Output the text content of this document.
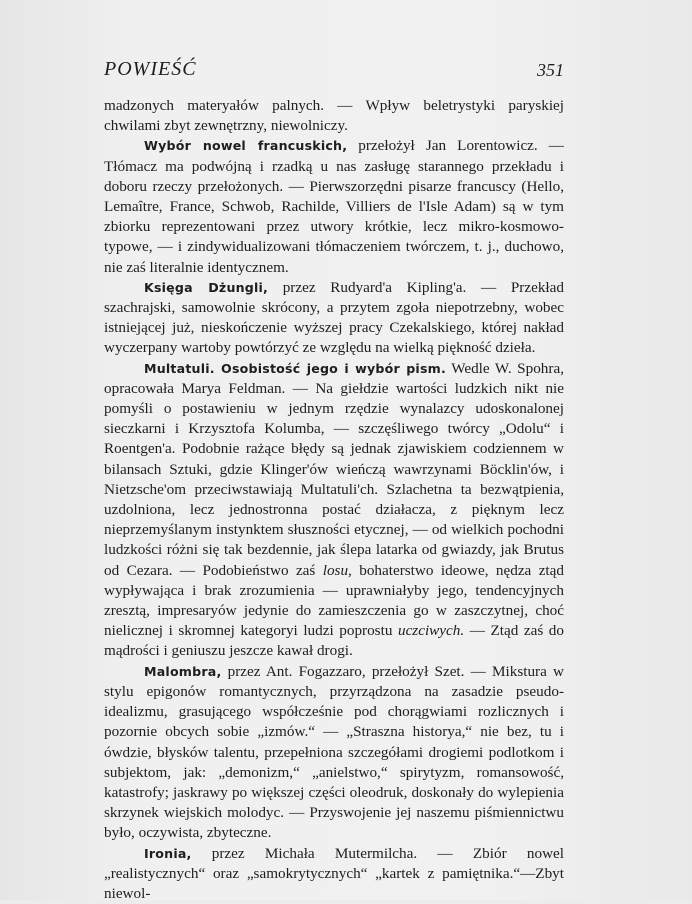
POWIEŚĆ	351

madzonych materyałów palnych. — Wpływ beletrystyki paryskiej chwilami zbyt zewnętrzny, niewolniczy.

Wybór nowel francuskich, przełożył Jan Lorentowicz. — Tłómacz ma podwójną i rzadką u nas zasługę starannego przekładu i doboru rzeczy przełożonych. — Pierwszorzędni pisarze francuscy (Hello, Lemaître, France, Schwob, Rachilde, Villiers de l'Isle Adam) są w tym zbiorku reprezentowani przez utwory krótkie, lecz mikro-kosmowo-typowe, — i zindywidualizowani tłómaczeniem twórczem, t. j., duchowo, nie zaś literalnie identycznem.

Księga Dżungli, przez Rudyard'a Kipling'a. — Przekład szachrajski, samowolnie skrócony, a przytem zgoła niepotrzebny, wobec istniejącej już, nieskończenie wyższej pracy Czekalskiego, której nakład wyczerpany wartoby powtórzyć ze względu na wielką piękność dzieła.

Multatuli. Osobistość jego i wybór pism. Wedle W. Spohra, opracowała Marya Feldman. — Na giełdzie wartości ludzkich nikt nie pomyśli o postawieniu w jednym rzędzie wynalazcy udoskonalonej sieczkarni i Krzysztofa Kolumba, — szczęśliwego twórcy „Odolu“ i Roentgen'a. Podobnie rażące błędy są jednak zjawiskiem codziennem w bilansach Sztuki, gdzie Klinger'ów wieńczą wawrzynami Böcklin'ów, i Nietzsche'om przeciwstawiają Multatuli'ch. Szlachetna ta bezwątpienia, uzdolniona, lecz jednostronna postać działacza, z pięknym lecz nieprzemyślanym instynktem słuszności etycznej, — od wielkich pochodni ludzkości różni się tak bezdennie, jak ślepa latarka od gwiazdy, jak Brutus od Cezara. — Podobieństwo zaś losu, bohaterstwo ideowe, nędza ztąd wypływająca i brak zrozumienia — uprawniałyby jego, tendencyjnych zresztą, impresaryów jedynie do zamieszczenia go w zaszczytnej, choć nielicznej i skromnej kategoryi ludzi poprostu uczciwych. — Ztąd zaś do mądrości i geniuszu jeszcze kawał drogi.

Malombra, przez Ant. Fogazzaro, przełożył Szet. — Mikstura w stylu epigonów romantycznych, przyrządzona na zasadzie pseudo-idealizmu, grasującego współcześnie pod chorągwiami rozlicznych i pozornie obcych sobie „izmów.“ — „Straszna historya,“ nie bez, tu i ówdzie, błysków talentu, przepełniona szczegółami drogiemi podlotkom i subjektom, jak: „demonizm,“ „anielstwo,“ spirytyzm, romansowość, katastrofy; jaskrawy po większej części oleodruk, doskonały do wylepienia skrzynek wiejskich molodyc. — Przyswojenie jej naszemu piśmiennictwu było, oczywista, zbyteczne.

Ironia, przez Michała Mutermilcha. — Zbiór nowel „realistycznych“ oraz „samokrytycznych“ „kartek z pamiętnika.“—Zbyt niewol-
